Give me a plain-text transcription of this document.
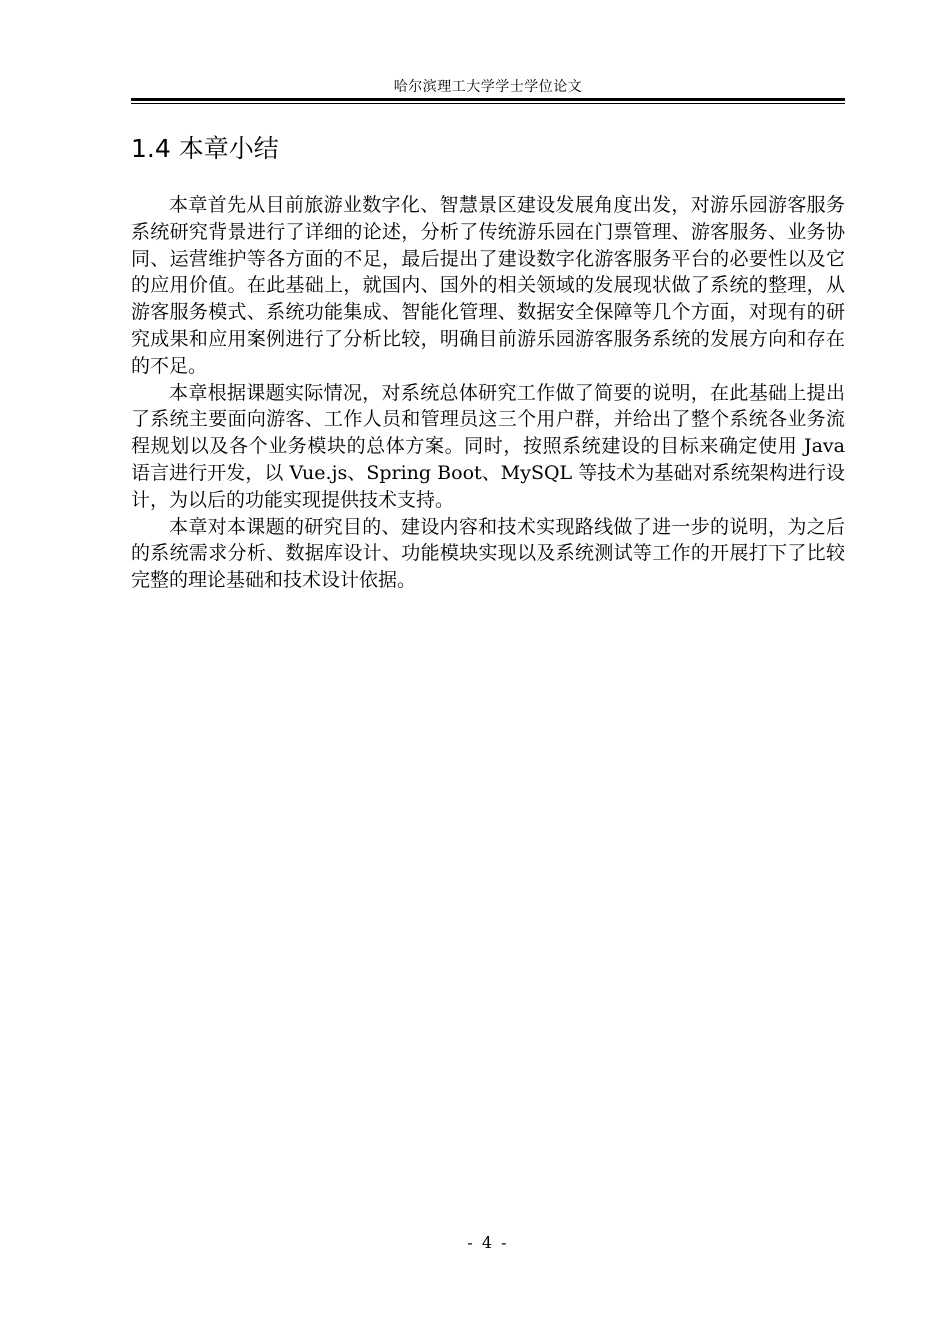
哈尔滨理工大学学士学位论文
1.4 本章小结

本章首先从目前旅游业数字化、智慧景区建设发展角度出发，对游乐园游客服务系统研究背景进行了详细的论述，分析了传统游乐园在门票管理、游客服务、业务协同、运营维护等各方面的不足，最后提出了建设数字化游客服务平台的必要性以及它的应用价值。在此基础上，就国内、国外的相关领域的发展现状做了系统的整理，从游客服务模式、系统功能集成、智能化管理、数据安全保障等几个方面，对现有的研究成果和应用案例进行了分析比较，明确目前游乐园游客服务系统的发展方向和存在的不足。

本章根据课题实际情况，对系统总体研究工作做了简要的说明，在此基础上提出了系统主要面向游客、工作人员和管理员这三个用户群，并给出了整个系统各业务流程规划以及各个业务模块的总体方案。同时，按照系统建设的目标来确定使用 Java 语言进行开发，以 Vue.js、Spring Boot、MySQL 等技术为基础对系统架构进行设计，为以后的功能实现提供技术支持。

本章对本课题的研究目的、建设内容和技术实现路线做了进一步的说明，为之后的系统需求分析、数据库设计、功能模块实现以及系统测试等工作的开展打下了比较完整的理论基础和技术设计依据。

- 4 -
